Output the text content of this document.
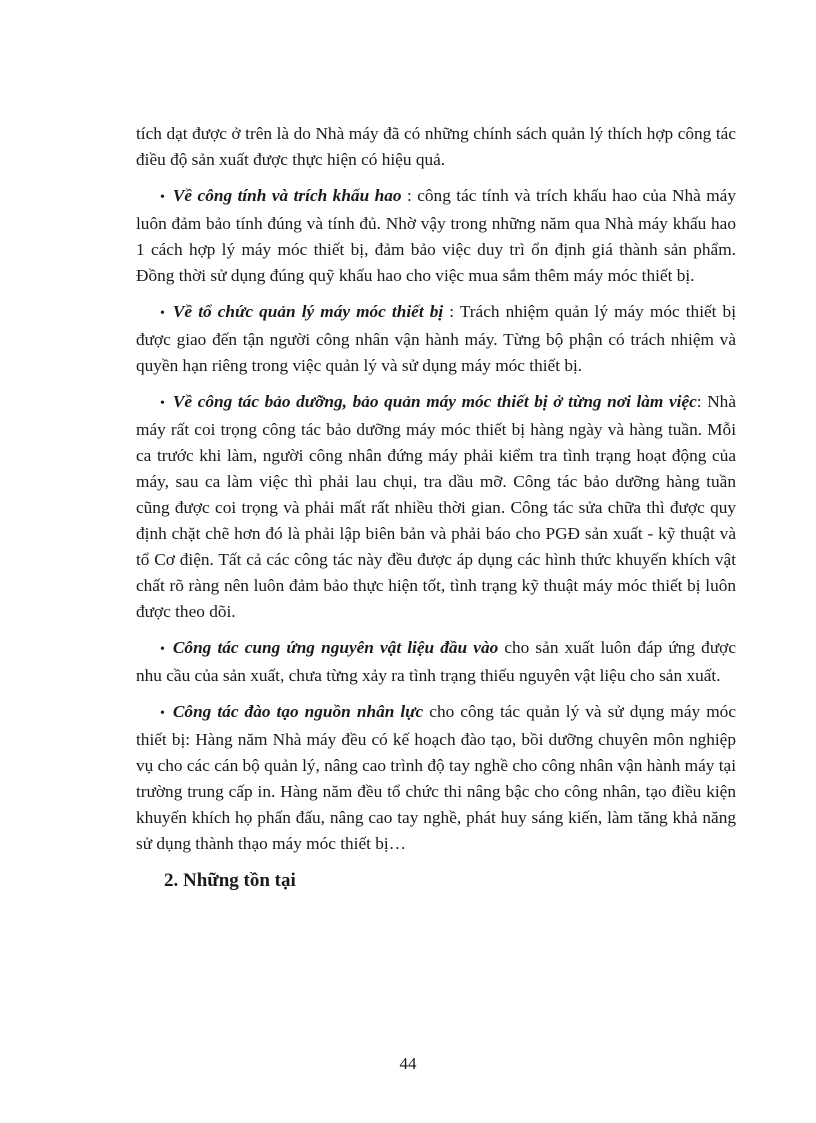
tích dạt được ở trên là do Nhà máy đã có những chính sách quản lý thích hợp công tác điều độ sản xuất được thực hiện có hiệu quả.

• Về công tính và trích khấu hao : công tác tính và trích khấu hao của Nhà máy luôn đảm bảo tính đúng và tính đủ. Nhờ vậy trong những năm qua Nhà máy khấu hao 1 cách hợp lý máy móc thiết bị, đảm bảo việc duy trì ổn định giá thành sản phẩm. Đồng thời sử dụng đúng quỹ khấu hao cho việc mua sắm thêm máy móc thiết bị.

• Về tổ chức quản lý máy móc thiết bị : Trách nhiệm quản lý máy móc thiết bị được giao đến tận người công nhân vận hành máy. Từng bộ phận có trách nhiệm và quyền hạn riêng trong việc quản lý và sử dụng máy móc thiết bị.

• Về công tác bảo dưỡng, bảo quản máy móc thiết bị ở từng nơi làm việc: Nhà máy rất coi trọng công tác bảo dưỡng máy móc thiết bị hàng ngày và hàng tuần. Mỗi ca trước khi làm, người công nhân đứng máy phải kiểm tra tình trạng hoạt động của máy, sau ca làm việc thì phải lau chụi, tra dầu mỡ. Công tác bảo dưỡng hàng tuần cũng được coi trọng và phải mất rất nhiều thời gian. Công tác sửa chữa thì được quy định chặt chẽ hơn đó là phải lập biên bản và phải báo cho PGĐ sản xuất - kỹ thuật và tổ Cơ điện. Tất cả các công tác này đều được áp dụng các hình thức khuyến khích vật chất rõ ràng nên luôn đảm bảo thực hiện tốt, tình trạng kỹ thuật máy móc thiết bị luôn được theo dõi.

• Công tác cung ứng nguyên vật liệu đầu vào cho sản xuất luôn đáp ứng được nhu cầu của sản xuất, chưa từng xảy ra tình trạng thiếu nguyên vật liệu cho sản xuất.

• Công tác đào tạo nguồn nhân lực cho công tác quản lý và sử dụng máy móc thiết bị: Hàng năm Nhà máy đều có kế hoạch đào tạo, bồi dưỡng chuyên môn nghiệp vụ cho các cán bộ quản lý, nâng cao trình độ tay nghề cho công nhân vận hành máy tại trường trung cấp in. Hàng năm đều tổ chức thi nâng bậc cho công nhân, tạo điều kiện khuyến khích họ phấn đấu, nâng cao tay nghề, phát huy sáng kiến, làm tăng khả năng sử dụng thành thạo máy móc thiết bị…

2. Những tồn tại
44
